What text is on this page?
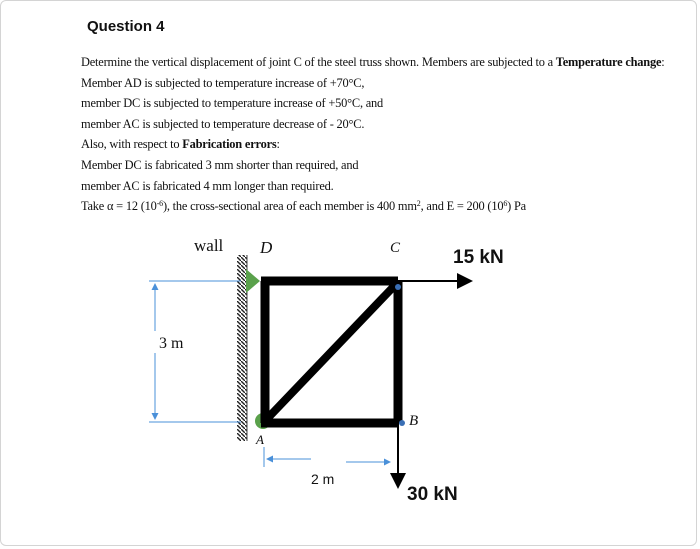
Question 4
Determine the vertical displacement of joint C of the steel truss shown. Members are subjected to a Temperature change:
Member AD is subjected to temperature increase of +70°C,
member DC is subjected to temperature increase of +50°C, and
member AC is subjected to temperature decrease of - 20°C.
Also, with respect to Fabrication errors:
Member DC is fabricated 3 mm shorter than required, and
member AC is fabricated 4 mm longer than required.
Take α = 12 $(10^{-6})$, the cross-sectional area of each member is 400 $mm^2$, and E = 200 $(10^6)$ Pa
wall D	C
B
A
15 kN
30 kN
3 m
2 m
